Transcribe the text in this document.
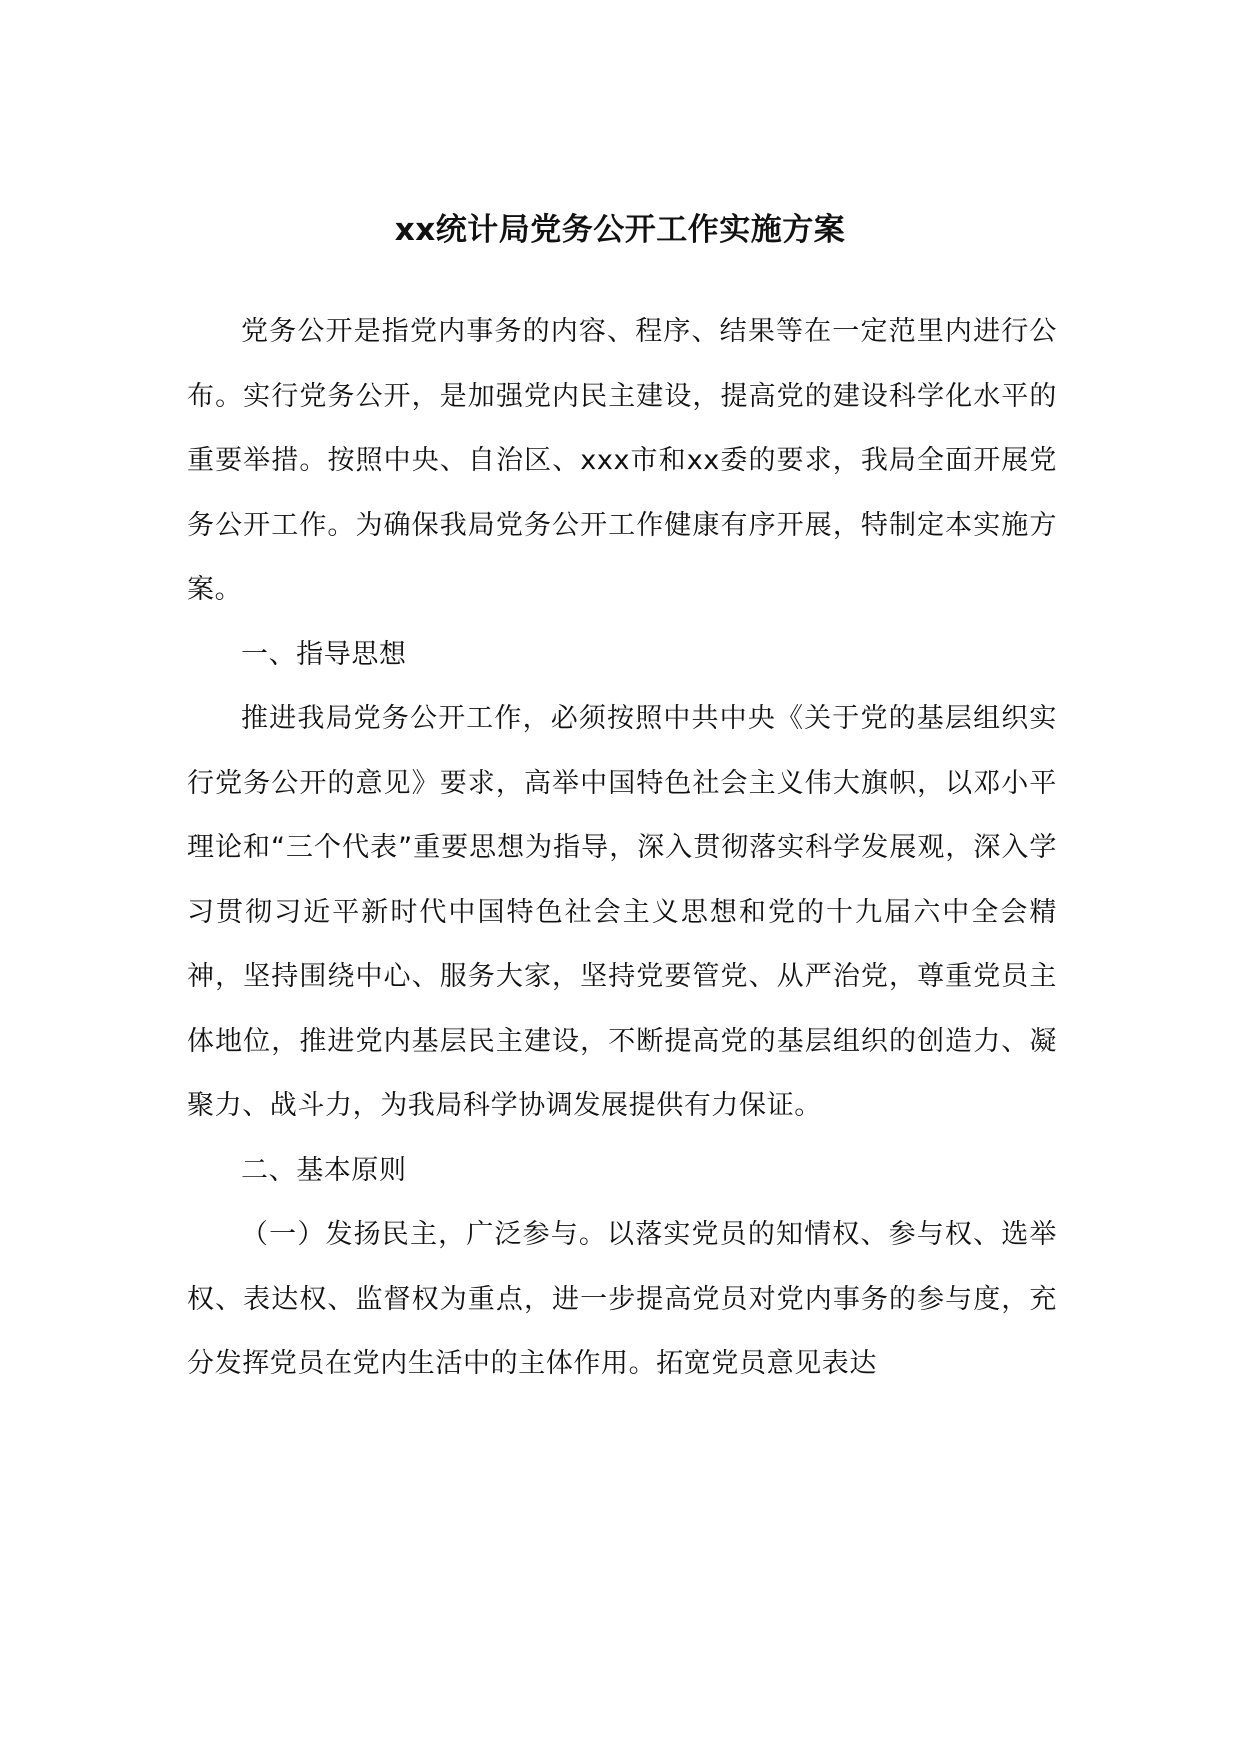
xx统计局党务公开工作实施方案

党务公开是指党内事务的内容、程序、结果等在一定范里内进行公布。实行党务公开，是加强党内民主建设，提高党的建设科学化水平的重要举措。按照中央、自治区、xxx市和xx委的要求，我局全面开展党务公开工作。为确保我局党务公开工作健康有序开展，特制定本实施方案。

一、指导思想

推进我局党务公开工作，必须按照中共中央《关于党的基层组织实行党务公开的意见》要求，高举中国特色社会主义伟大旗帜，以邓小平理论和“三个代表”重要思想为指导，深入贯彻落实科学发展观，深入学习贯彻习近平新时代中国特色社会主义思想和党的十九届六中全会精神，坚持围绕中心、服务大家，坚持党要管党、从严治党，尊重党员主体地位，推进党内基层民主建设，不断提高党的基层组织的创造力、凝聚力、战斗力，为我局科学协调发展提供有力保证。

二、基本原则

（一）发扬民主，广泛参与。以落实党员的知情权、参与权、选举权、表达权、监督权为重点，进一步提高党员对党内事务的参与度，充分发挥党员在党内生活中的主体作用。拓宽党员意见表达
